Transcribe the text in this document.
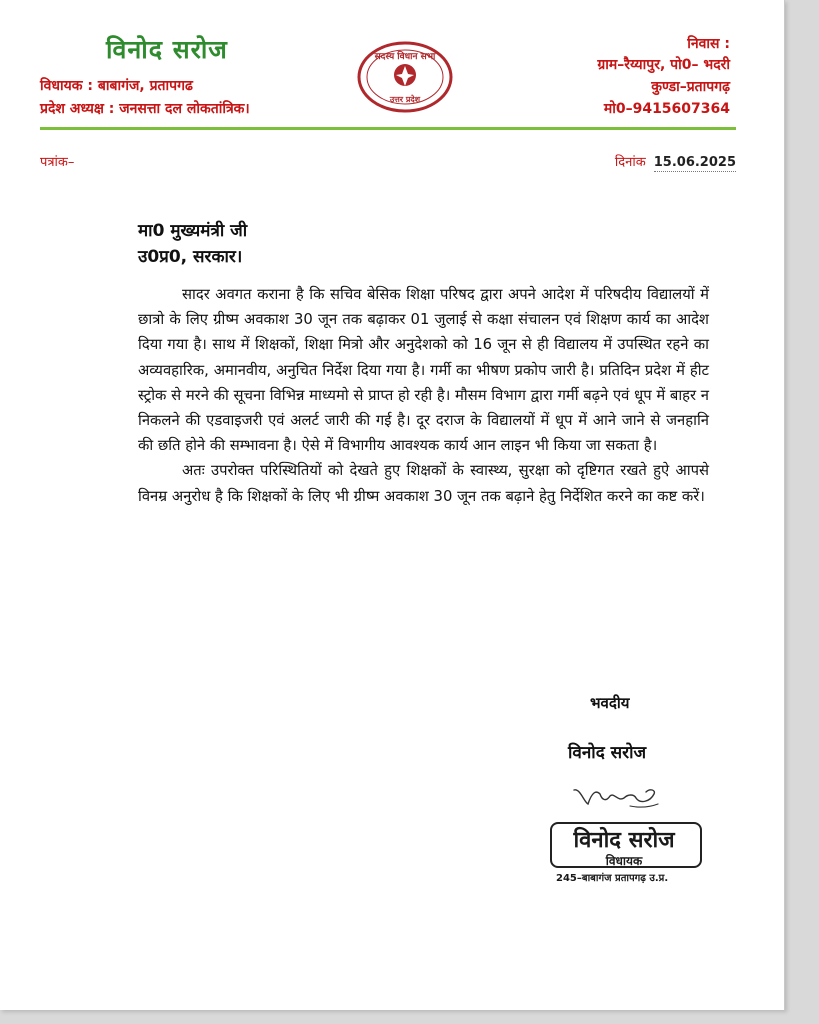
विनोद सरोज
विधायक : बाबागंज, प्रतापगढ
प्रदेश अध्यक्ष : जनसत्ता दल लोकतांत्रिक।
सदस्य विधान सभा
उत्तर प्रदेश
निवास :
ग्राम–रैय्यापुर, पो0– भदरी
कुण्डा–प्रतापगढ़
मो0–9415607364
पत्रांक–	दिनांक 15.06.2025
मा0 मुख्यमंत्री जी
उ0प्र0, सरकार।

सादर अवगत कराना है कि सचिव बेसिक शिक्षा परिषद द्वारा अपने आदेश में परिषदीय विद्यालयों में छात्रो के लिए ग्रीष्म अवकाश 30 जून तक बढ़ाकर 01 जुलाई से कक्षा संचालन एवं शिक्षण कार्य का आदेश दिया गया है। साथ में शिक्षकों, शिक्षा मित्रो और अनुदेशको को 16 जून से ही विद्यालय में उपस्थित रहने का अव्यवहारिक, अमानवीय, अनुचित निर्देश दिया गया है। गर्मी का भीषण प्रकोप जारी है। प्रतिदिन प्रदेश में हीट स्ट्रोक से मरने की सूचना विभिन्न माध्यमो से प्राप्त हो रही है। मौसम विभाग द्वारा गर्मी बढ़ने एवं धूप में बाहर न निकलने की एडवाइजरी एवं अलर्ट जारी की गई है। दूर दराज के विद्यालयों में धूप में आने जाने से जनहानि की छति होने की सम्भावना है। ऐसे में विभागीय आवश्यक कार्य आन लाइन भी किया जा सकता है।

अतः उपरोक्त परिस्थितियों को देखते हुए शिक्षकों के स्वास्थ्य, सुरक्षा को दृष्टिगत रखते हुऐ आपसे विनम्र अनुरोध है कि शिक्षकों के लिए भी ग्रीष्म अवकाश 30 जून तक बढ़ाने हेतु निर्देशित करने का कष्ट करें।

भवदीय
विनोद सरोज
विनोद सरोज
विधायक
245–बाबागंज प्रतापगढ़ उ.प्र.
